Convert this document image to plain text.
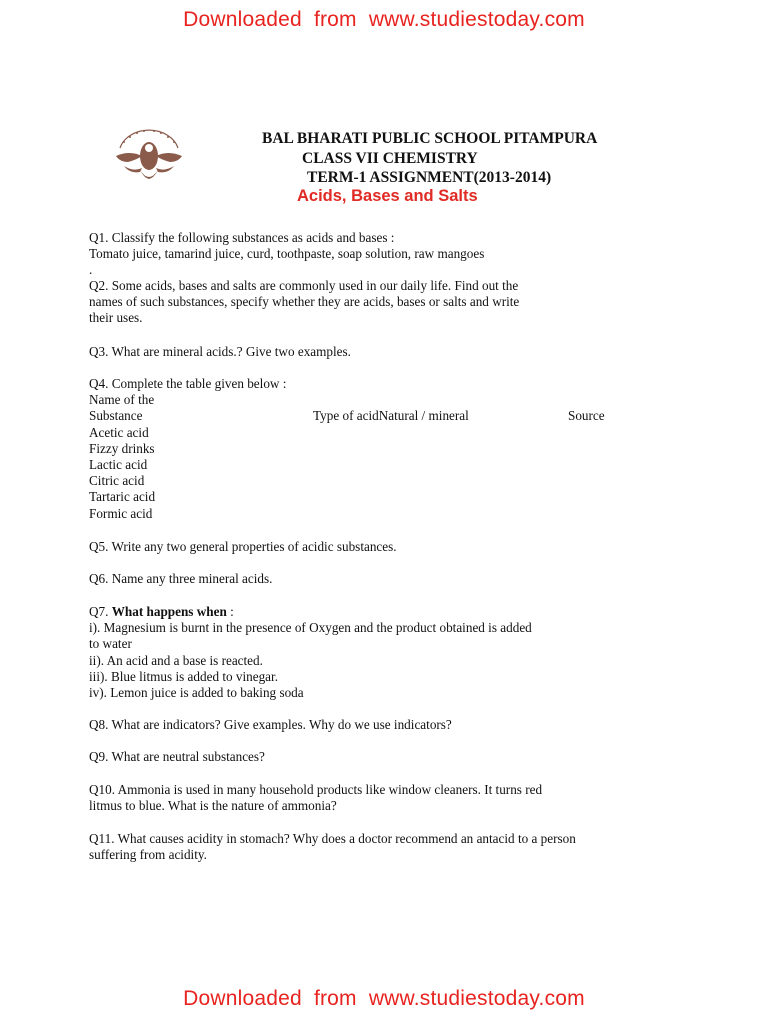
Downloaded  from  www.studiestoday.com
BAL BHARATI PUBLIC SCHOOL PITAMPURA
CLASS VII CHEMISTRY
TERM-1 ASSIGNMENT(2013-2014)
Acids, Bases and Salts

Q1. Classify the following substances as acids and bases :

Tomato juice, tamarind juice, curd, toothpaste, soap solution, raw mangoes

.

Q2. Some acids, bases and salts are commonly used in our daily life. Find out the

names of such substances, specify whether they are acids, bases or salts and write

their uses.

Q3. What are mineral acids.? Give two examples.

Q4. Complete the table given below :

Name of the

Substance

Acetic acid

Fizzy drinks

Lactic acid

Citric acid

Tartaric acid

Formic acid

Type of acidNatural / mineral	Source

Q5. Write any two general properties of acidic substances.

Q6. Name any three mineral acids.

Q7. What happens when :

i). Magnesium is burnt in the presence of Oxygen and the product obtained is added

to water

ii). An acid and a base is reacted.

iii). Blue litmus is added to vinegar.

iv). Lemon juice is added to baking soda

Q8. What are indicators? Give examples. Why do we use indicators?

Q9. What are neutral substances?

Q10. Ammonia is used in many household products like window cleaners. It turns red

litmus to blue. What is the nature of ammonia?

Q11. What causes acidity in stomach? Why does a doctor recommend an antacid to a person

suffering from acidity.

Downloaded  from  www.studiestoday.com
